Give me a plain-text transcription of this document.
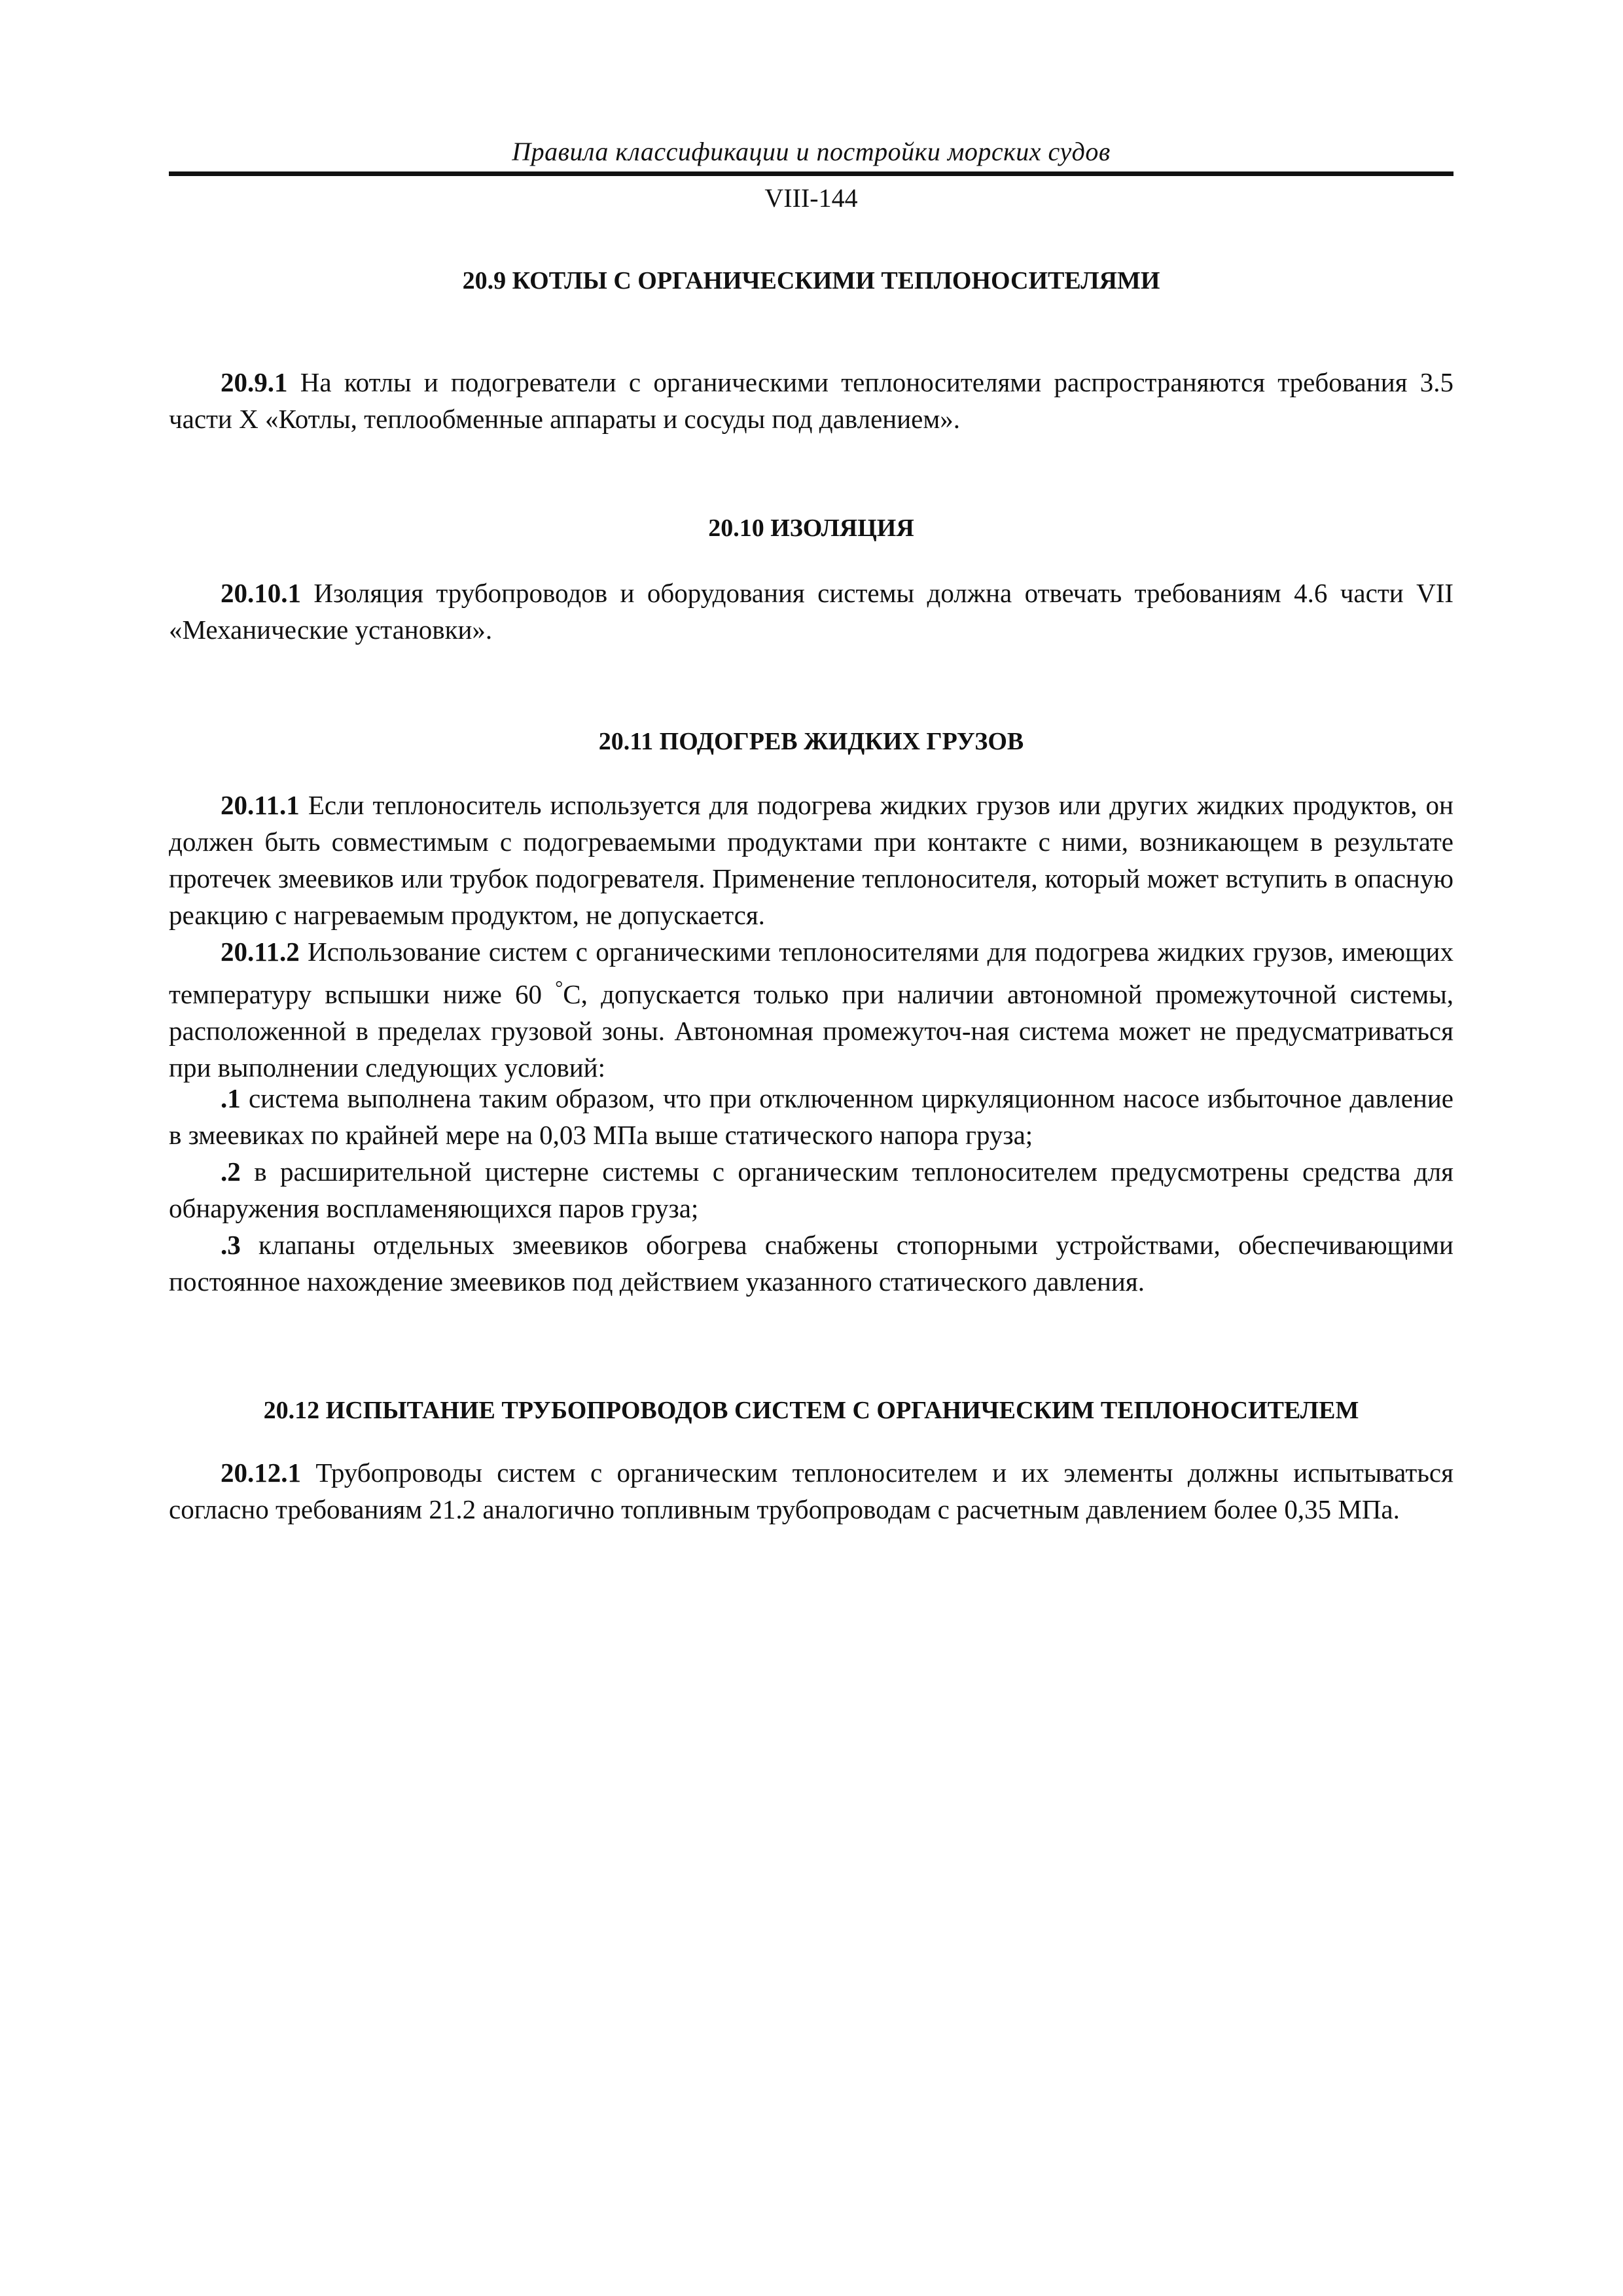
Правила классификации и постройки морских судов
VIII-144
20.9 КОТЛЫ С ОРГАНИЧЕСКИМИ ТЕПЛОНОСИТЕЛЯМИ

20.9.1 На котлы и подогреватели с органическими теплоносителями распространяются требования 3.5 части X «Котлы, теплообменные аппараты и сосуды под давлением».

20.10 ИЗОЛЯЦИЯ

20.10.1 Изоляция трубопроводов и оборудования системы должна отвечать требованиям 4.6 части VII «Механические установки».

20.11 ПОДОГРЕВ ЖИДКИХ ГРУЗОВ

20.11.1 Если теплоноситель используется для подогрева жидких грузов или других жидких продуктов, он должен быть совместимым с подогреваемыми продуктами при контакте с ними, возникающем в результате протечек змеевиков или трубок подогревателя. Применение теплоносителя, который может вступить в опасную реакцию с нагреваемым продуктом, не допускается.

20.11.2 Использование систем с органическими теплоносителями для подогрева жидких грузов, имеющих температуру вспышки ниже 60 °С, допускается только при наличии автономной промежуточной системы, расположенной в пределах грузовой зоны. Автономная промежуточ-ная система может не предусматриваться при выполнении следующих условий:

.1 система выполнена таким образом, что при отключенном циркуляционном насосе избыточное давление в змеевиках по крайней мере на 0,03 МПа выше статического напора груза;

.2 в расширительной цистерне системы с органическим теплоносителем предусмотрены средства для обнаружения воспламеняющихся паров груза;

.3 клапаны отдельных змеевиков обогрева снабжены стопорными устройствами, обеспечивающими постоянное нахождение змеевиков под действием указанного статического давления.

20.12 ИСПЫТАНИЕ ТРУБОПРОВОДОВ СИСТЕМ С ОРГАНИЧЕСКИМ ТЕПЛОНОСИТЕЛЕМ

20.12.1 Трубопроводы систем с органическим теплоносителем и их элементы должны испытываться согласно требованиям 21.2 аналогично топливным трубопроводам с расчетным давлением более 0,35 МПа.
